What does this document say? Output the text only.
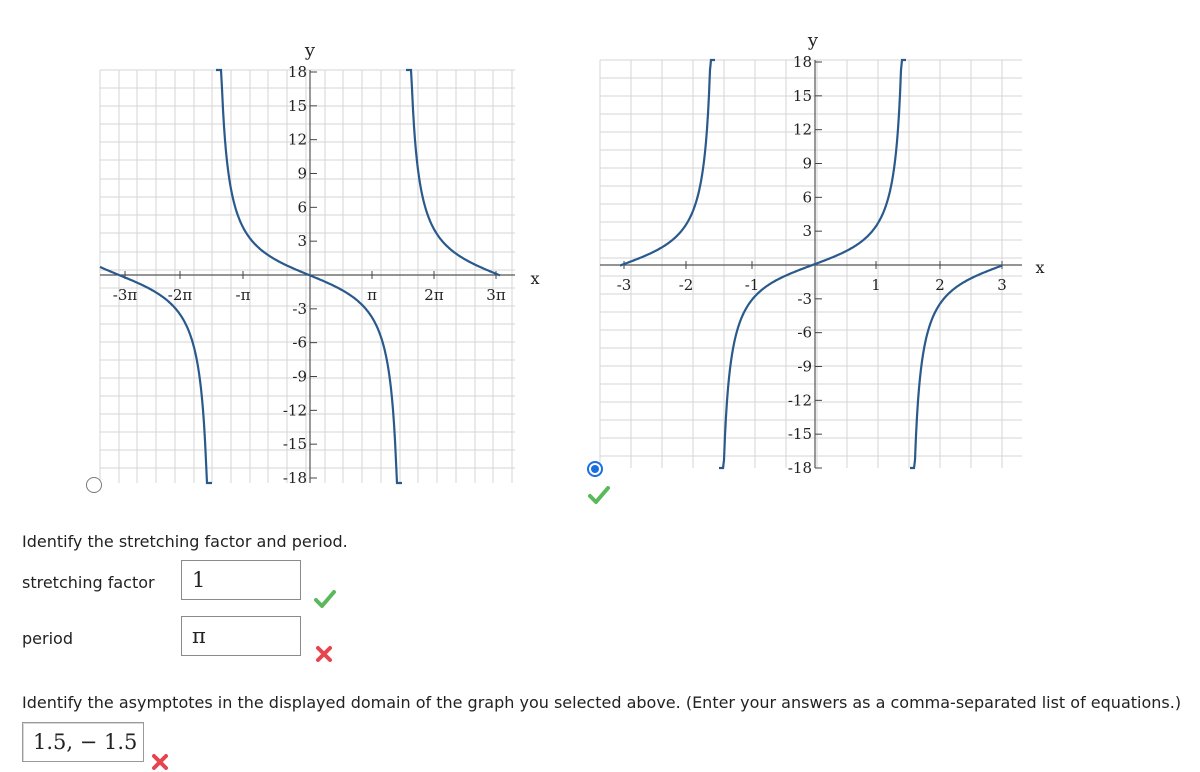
x
y
18
15
12
9
6
3
-3
-6
-9
-12
-15
-18
-3π -2π	-π	π	2π	3π
x
y
18
15
12
9
6
3
-3
-6
-9
-12
-15
-18
-3	-2	-1	1	2	3
Identify the stretching factor and period.
stretching factor	1
period	π
Identify the asymptotes in the displayed domain of the graph you selected above. (Enter your answers as a comma-separated list of equations.)
1.5, − 1.5
